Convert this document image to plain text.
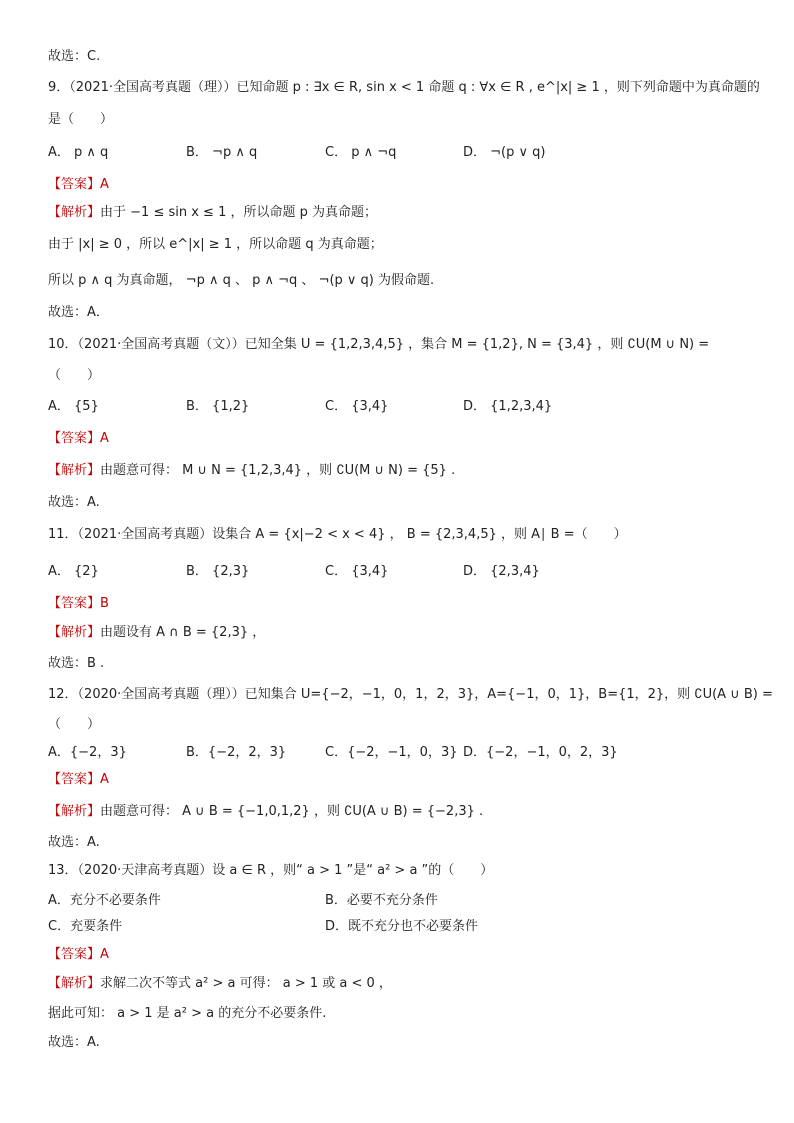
故选：C.
9．（2021·全国高考真题（理））已知命题 p : ∃x ∈ R, sin x < 1 命题 q : ∀x ∈ R , e^|x| ≥ 1 ，则下列命题中为真命题的
是（　　）
A． p ∧ q	B． ¬p ∧ q	C． p ∧ ¬q	D． ¬(p ∨ q)
【答案】A
【解析】由于 −1 ≤ sin x ≤ 1 ，所以命题 p 为真命题；
由于 |x| ≥ 0 ，所以 e^|x| ≥ 1 ，所以命题 q 为真命题；
所以 p ∧ q 为真命题， ¬p ∧ q 、 p ∧ ¬q 、 ¬(p ∨ q) 为假命题.
故选：A．
10．（2021·全国高考真题（文））已知全集 U = {1,2,3,4,5} ，集合 M = {1,2}, N = {3,4} ，则 ∁U(M ∪ N) =
（　　）
A． {5}	B． {1,2}	C． {3,4}	D． {1,2,3,4}
【答案】A
【解析】由题意可得： M ∪ N = {1,2,3,4} ，则 ∁U(M ∪ N) = {5} .
故选：A.
11．（2021·全国高考真题）设集合 A = {x|−2 < x < 4} ， B = {2,3,4,5} ，则 A∣ B =（　　）
A． {2}	B． {2,3}	C． {3,4}	D． {2,3,4}
【答案】B
【解析】由题设有 A ∩ B = {2,3} ，
故选：B .
12．（2020·全国高考真题（理））已知集合 U={−2，−1，0，1，2，3}，A={−1，0，1}，B={1，2}，则 ∁U(A ∪ B) =
（　　）
A．{−2，3}	B．{−2，2，3}	C．{−2，−1，0，3} D．{−2，−1，0，2，3}
【答案】A
【解析】由题意可得： A ∪ B = {−1,0,1,2} ，则 ∁U(A ∪ B) = {−2,3} .
故选：A.
13．（2020·天津高考真题）设 a ∈ R ，则“ a > 1 ”是“ a² > a ”的（　　）
A．充分不必要条件	B．必要不充分条件
C．充要条件	D．既不充分也不必要条件
【答案】A
【解析】求解二次不等式 a² > a 可得： a > 1 或 a < 0 ，
据此可知： a > 1 是 a² > a 的充分不必要条件.
故选：A.
